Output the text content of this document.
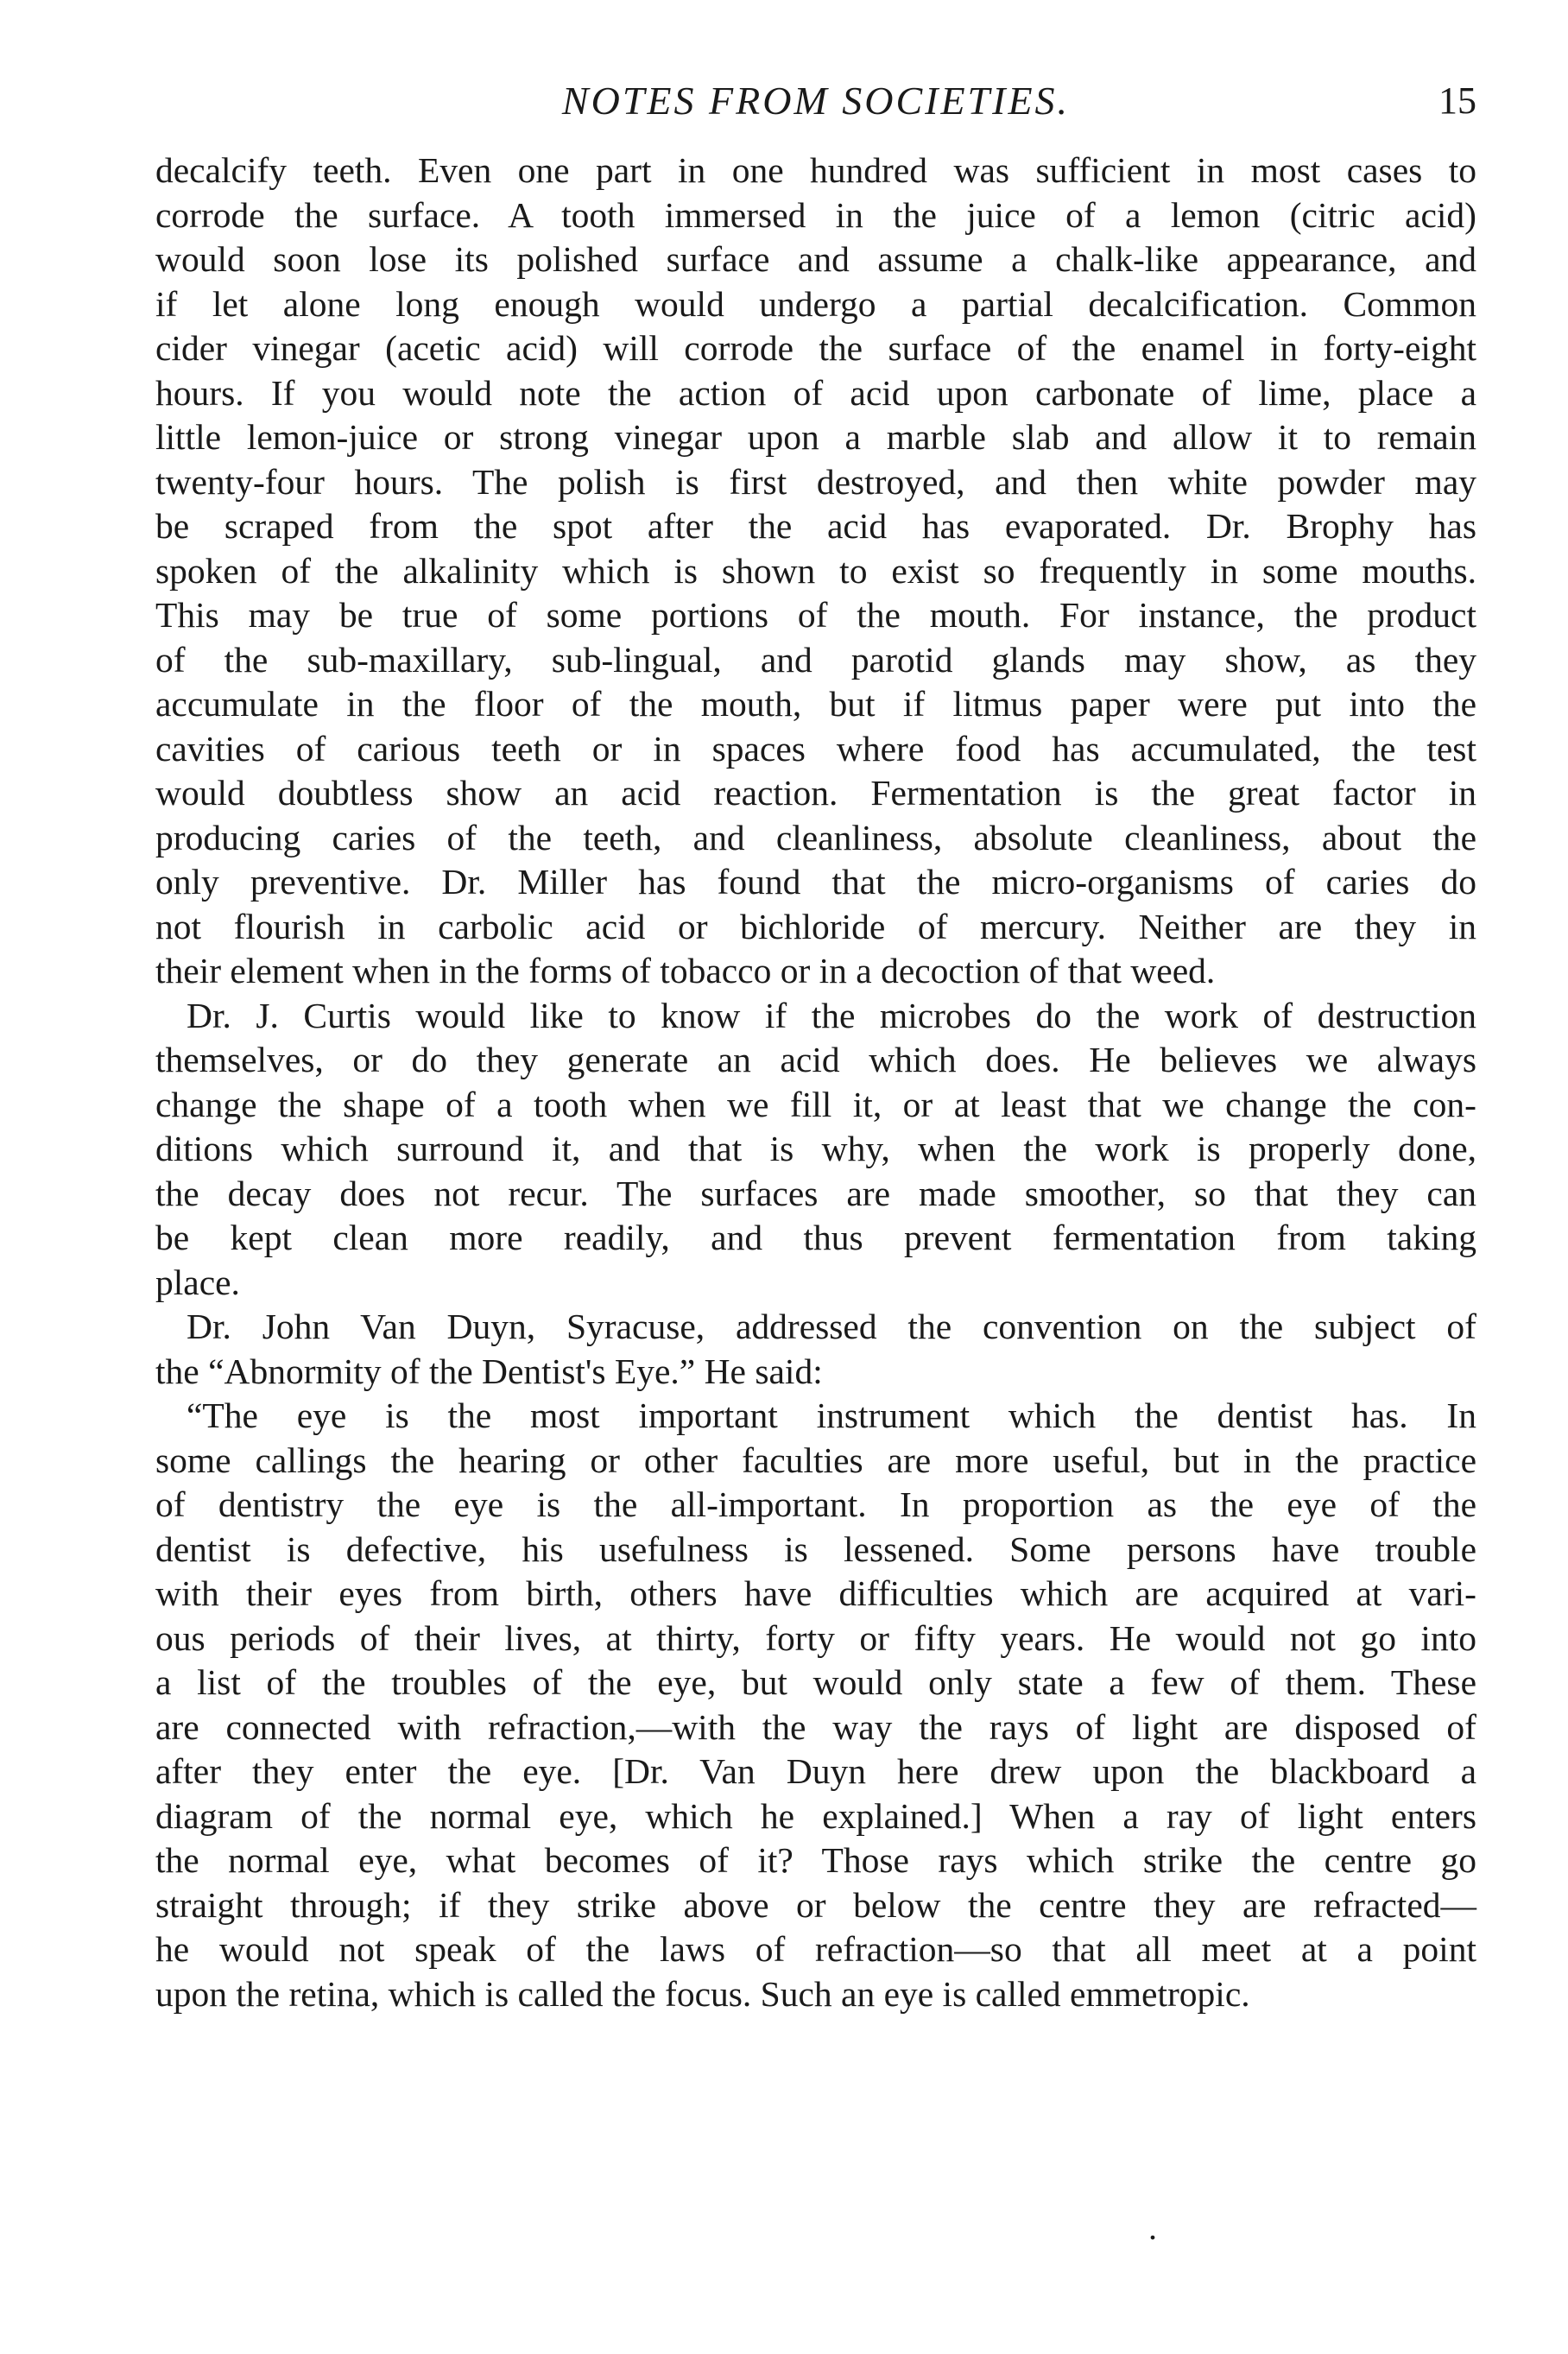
NOTES FROM SOCIETIES.	15
decalcify teeth. Even one part in one hundred was sufficient in most cases to
corrode the surface. A tooth immersed in the juice of a lemon (citric acid)
would soon lose its polished surface and assume a chalk-like appearance, and
if let alone long enough would undergo a partial decalcification. Common
cider vinegar (acetic acid) will corrode the surface of the enamel in forty-eight
hours. If you would note the action of acid upon carbonate of lime, place a
little lemon-juice or strong vinegar upon a marble slab and allow it to remain
twenty-four hours. The polish is first destroyed, and then white powder may
be scraped from the spot after the acid has evaporated. Dr. Brophy has
spoken of the alkalinity which is shown to exist so frequently in some mouths.
This may be true of some portions of the mouth. For instance, the product
of the sub-maxillary, sub-lingual, and parotid glands may show, as they
accumulate in the floor of the mouth, but if litmus paper were put into the
cavities of carious teeth or in spaces where food has accumulated, the test
would doubtless show an acid reaction. Fermentation is the great factor in
producing caries of the teeth, and cleanliness, absolute cleanliness, about the
only preventive. Dr. Miller has found that the micro-organisms of caries do
not flourish in carbolic acid or bichloride of mercury. Neither are they in
their element when in the forms of tobacco or in a decoction of that weed.
Dr. J. Curtis would like to know if the microbes do the work of destruction
themselves, or do they generate an acid which does. He believes we always
change the shape of a tooth when we fill it, or at least that we change the con-
ditions which surround it, and that is why, when the work is properly done,
the decay does not recur. The surfaces are made smoother, so that they can
be kept clean more readily, and thus prevent fermentation from taking
place.
Dr. John Van Duyn, Syracuse, addressed the convention on the subject of
the “Abnormity of the Dentist's Eye.” He said:
“The eye is the most important instrument which the dentist has. In
some callings the hearing or other faculties are more useful, but in the practice
of dentistry the eye is the all-important. In proportion as the eye of the
dentist is defective, his usefulness is lessened. Some persons have trouble
with their eyes from birth, others have difficulties which are acquired at vari-
ous periods of their lives, at thirty, forty or fifty years. He would not go into
a list of the troubles of the eye, but would only state a few of them. These
are connected with refraction,—with the way the rays of light are disposed of
after they enter the eye. [Dr. Van Duyn here drew upon the blackboard a
diagram of the normal eye, which he explained.] When a ray of light enters
the normal eye, what becomes of it? Those rays which strike the centre go
straight through; if they strike above or below the centre they are refracted—
he would not speak of the laws of refraction—so that all meet at a point
upon the retina, which is called the focus. Such an eye is called emmetropic.
.
